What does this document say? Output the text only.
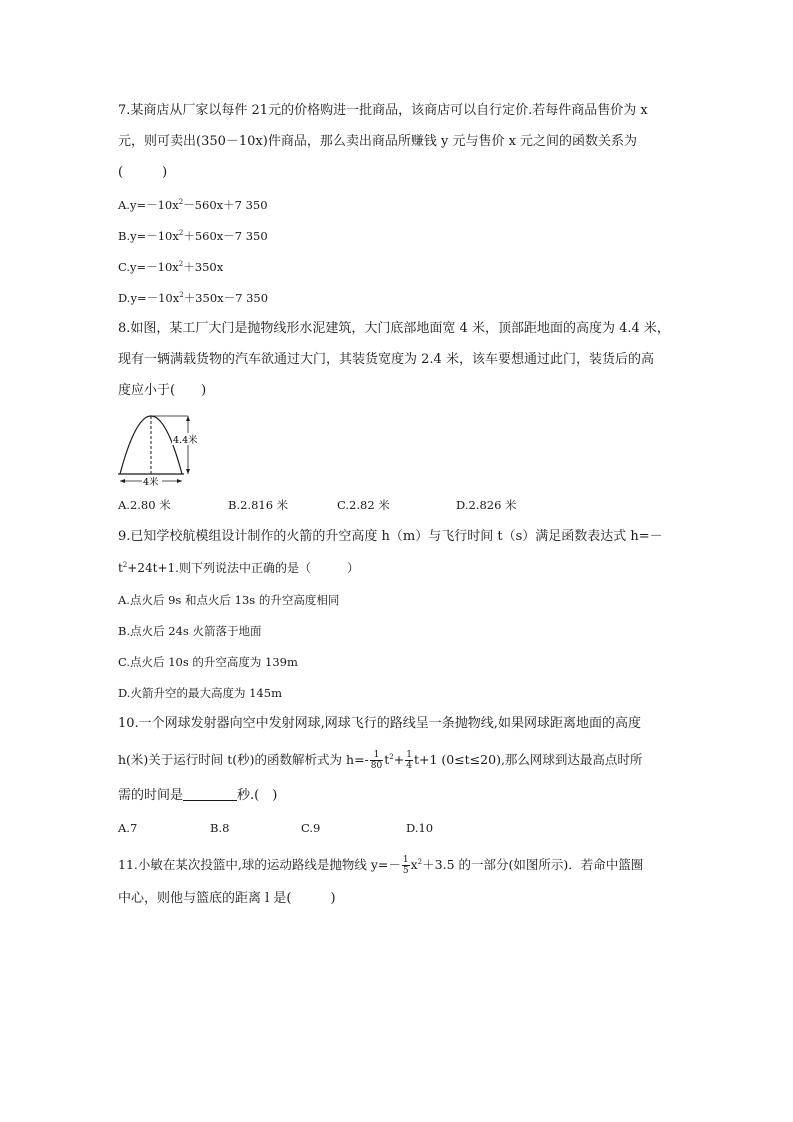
7.某商店从厂家以每件 21元的价格购进一批商品，该商店可以自行定价.若每件商品售价为 x
元，则可卖出(350－10x)件商品，那么卖出商品所赚钱 y 元与售价 x 元之间的函数关系为
(　　　)
$A.y=-10x^2-560x+7$ 350
$B.y=-10x^2+560x-7$ 350
$C.y=-10x^2+350x$
$D.y=-10x^2+350x-7$ 350
8.如图，某工厂大门是抛物线形水泥建筑，大门底部地面宽 4 米，顶部距地面的高度为 4.4 米，
现有一辆满载货物的汽车欲通过大门，其装货宽度为 2.4 米，该车要想通过此门，装货后的高
度应小于(　　)
4.4米
4米
A.2.80 米	B.2.816 米	C.2.82 米	D.2.826 米
9.已知学校航模组设计制作的火箭的升空高度 h（m）与飞行时间 t（s）满足函数表达式 h=－
$t^2+24t+1$.则下列说法中正确的是（　　　）
A.点火后 9s 和点火后 13s 的升空高度相同
B.点火后 24s 火箭落于地面
C.点火后 10s 的升空高度为 139m
D.火箭升空的最大高度为 145m
10.一个网球发射器向空中发射网球,网球飞行的路线呈一条抛物线,如果网球距离地面的高度
h(米)关于运行时间 t(秒)的函数解析式为 $h=- \frac{1}{80} t^2+ \frac{1}{4} t+1$ (0≤t≤20),那么网球到达最高点时所
需的时间是	秒.(　)
A.7	B.8	C.9	D.10
11.小敏在某次投篮中,球的运动路线是抛物线 $y=- \frac{1}{5} x^2+3.5$ 的一部分(如图所示)．若命中篮圈
中心，则他与篮底的距离 l 是(　　　)
